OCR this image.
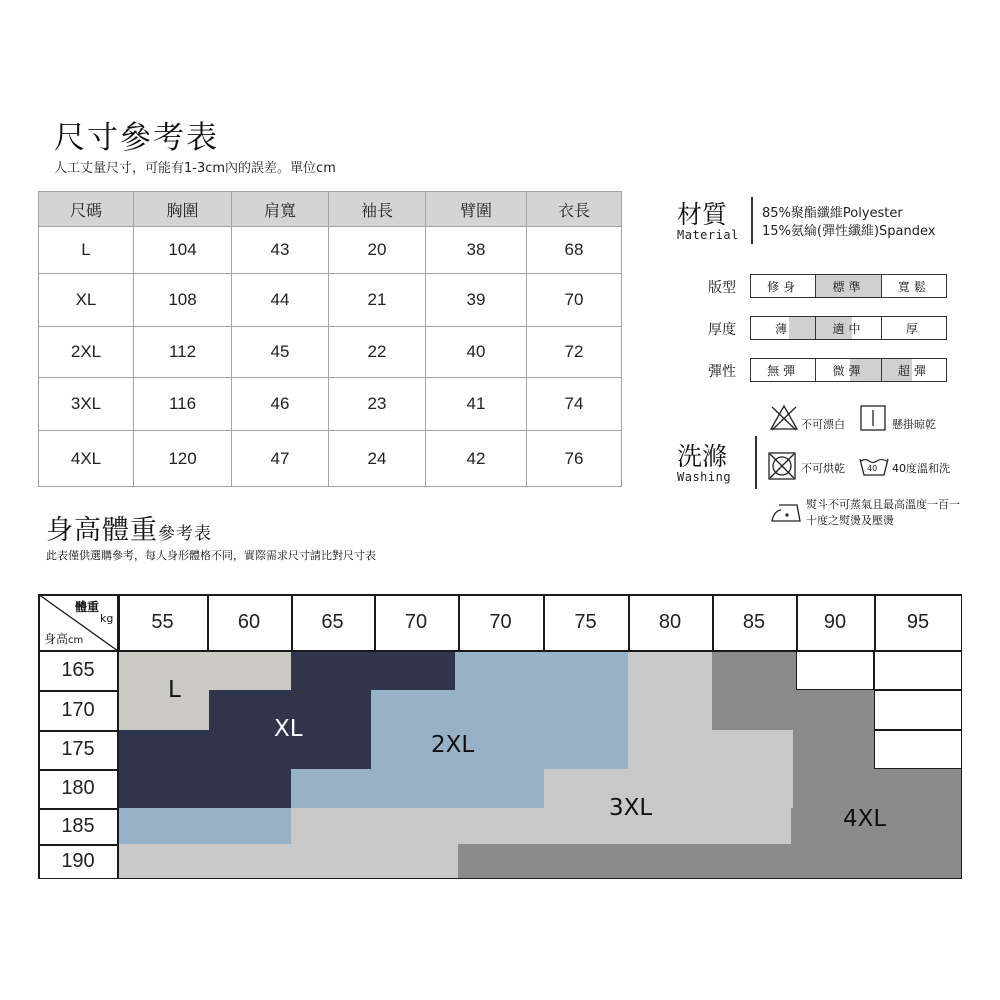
尺寸參考表
人工丈量尺寸，可能有1-3cm內的誤差。單位cm
尺碼	胸圍	肩寬	袖長	臂圍	衣長
L	104	43	20	38	68
XL	108	44	21	39	70
2XL	112	45	22	40	72
3XL	116	46	23	41	74
4XL	120	47	24	42	76
材質
Material
85%聚酯纖維Polyester
15%氨綸(彈性纖維)Spandex
版型	修身	標準	寬鬆
厚度	薄	適中	厚
彈性	無彈	微彈	超彈
洗滌
Washing
不可漂白	懸掛晾乾
不可烘乾	40 40度溫和洗
熨斗不可蒸氣且最高溫度一百一
十度之熨燙及壓燙
身高體重參考表
此表僅供選購參考，每人身形體格不同，實際需求尺寸請比對尺寸表
L
XL
2XL
3XL	4XL
體重
kg
身高cm
55	60	65	70	70	75	80	85	90	95
165
170
175
180
185
190
